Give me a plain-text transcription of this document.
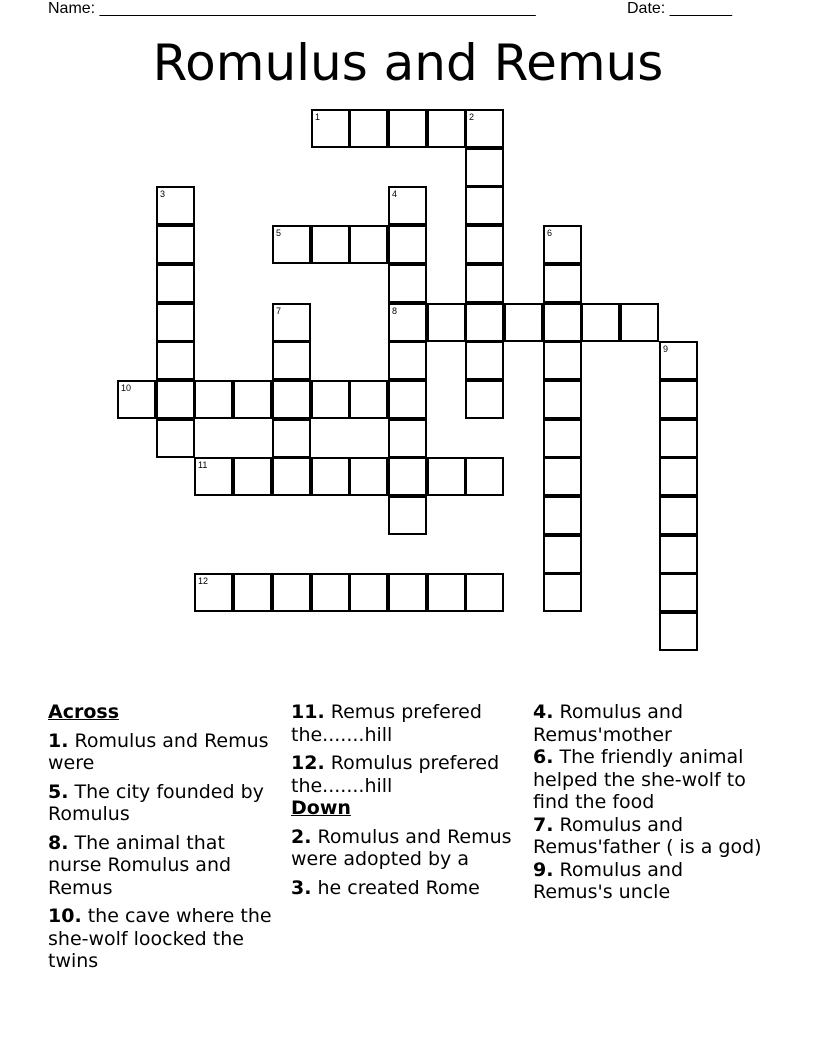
Name: _________________________________________________	Date: _______
Romulus and Remus
1	2
3	4
5	6
7	8
9
10
11
12
Across
1. Romulus and Remus were
5. The city founded by Romulus
8. The animal that nurse Romulus and Remus
10. the cave where the she-wolf loocked the twins
11. Remus prefered the.......hill
12. Romulus prefered the.......hill
Down
2. Romulus and Remus were adopted by a
3. he created Rome
4. Romulus and Remus'mother
6. The friendly animal helped the she-wolf to find the food
7. Romulus and Remus'father ( is a god)
9. Romulus and Remus's uncle
